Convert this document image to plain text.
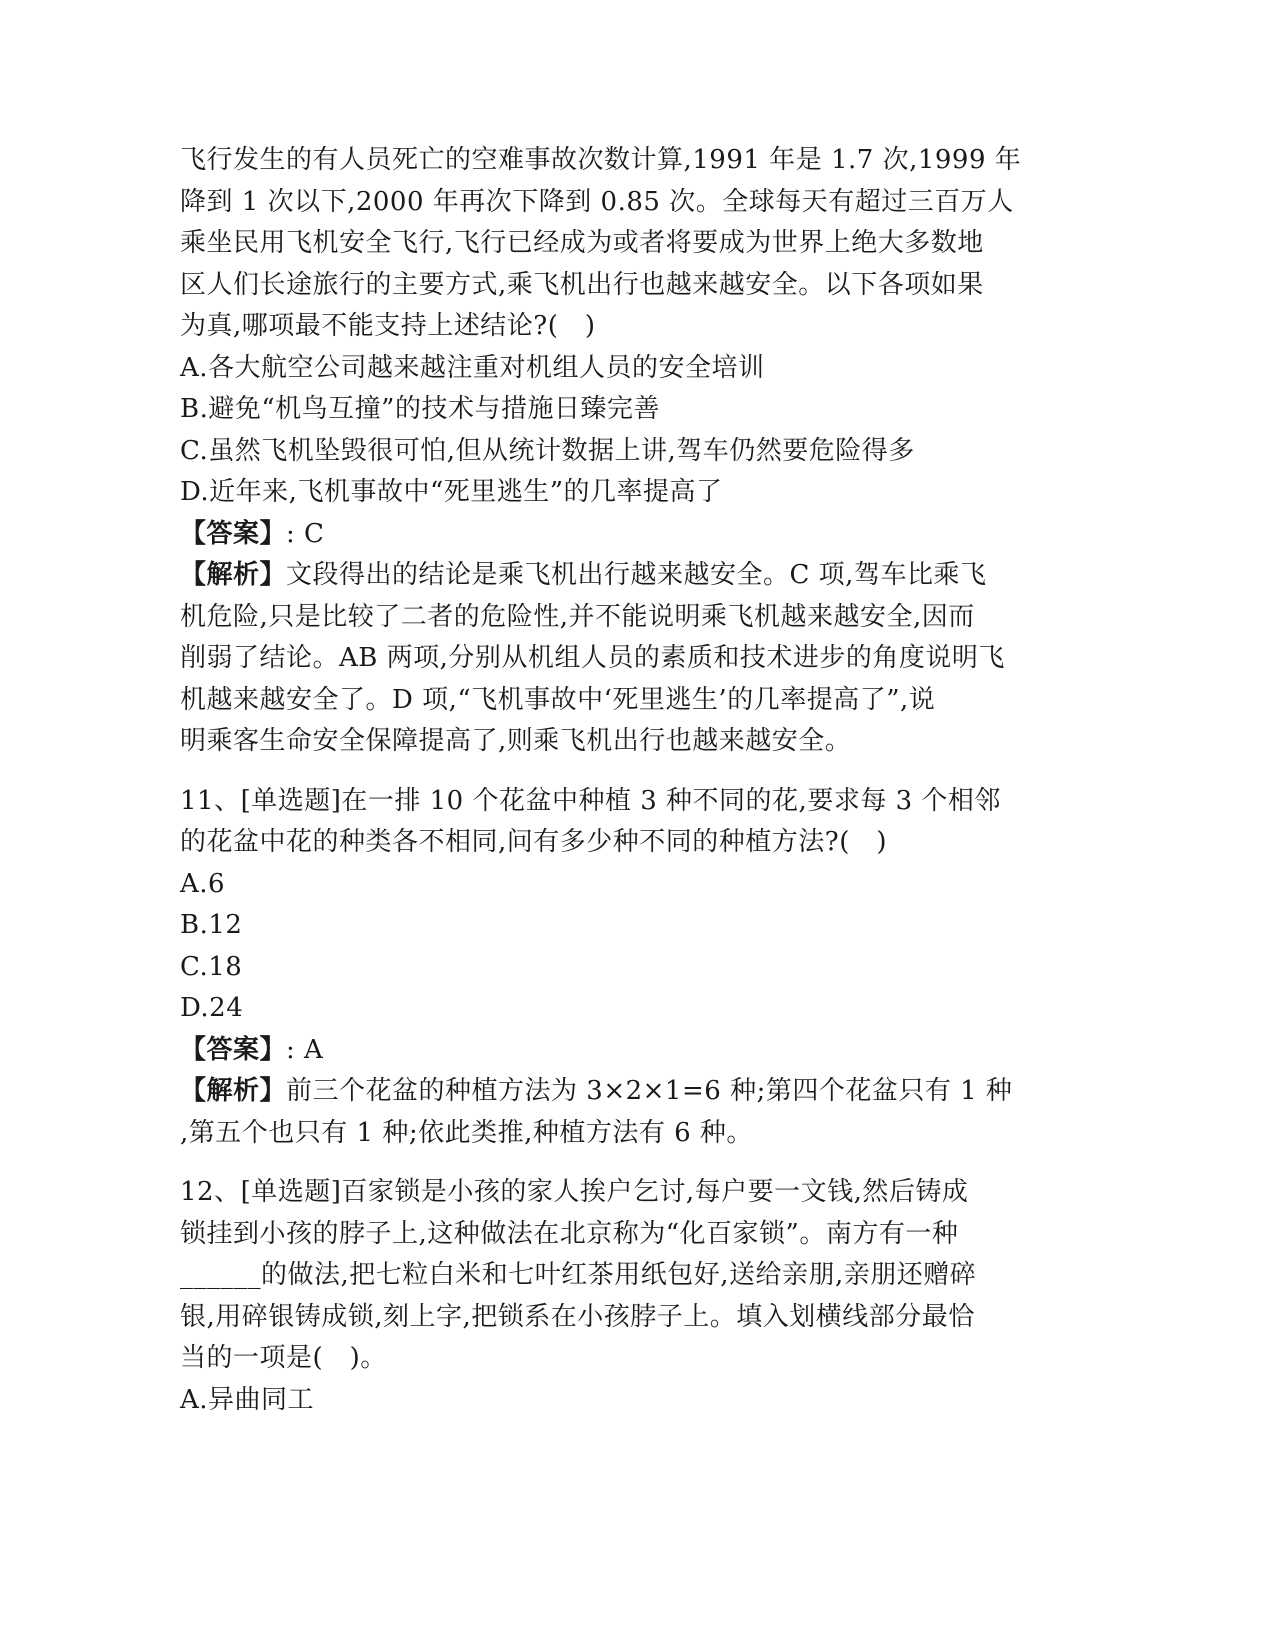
飞行发生的有人员死亡的空难事故次数计算,1991 年是 1.7 次,1999 年
降到 1 次以下,2000 年再次下降到 0.85 次。全球每天有超过三百万人
乘坐民用飞机安全飞行,飞行已经成为或者将要成为世界上绝大多数地
区人们长途旅行的主要方式,乘飞机出行也越来越安全。以下各项如果
为真,哪项最不能支持上述结论?(　)
A.各大航空公司越来越注重对机组人员的安全培训
B.避免“机鸟互撞”的技术与措施日臻完善
C.虽然飞机坠毁很可怕,但从统计数据上讲,驾车仍然要危险得多
D.近年来,飞机事故中“死里逃生”的几率提高了
【答案】: C
【解析】文段得出的结论是乘飞机出行越来越安全。C 项,驾车比乘飞
机危险,只是比较了二者的危险性,并不能说明乘飞机越来越安全,因而
削弱了结论。AB 两项,分别从机组人员的素质和技术进步的角度说明飞
机越来越安全了。D 项,“飞机事故中‘死里逃生’的几率提高了”,说
明乘客生命安全保障提高了,则乘飞机出行也越来越安全。
11、[单选题]在一排 10 个花盆中种植 3 种不同的花,要求每 3 个相邻
的花盆中花的种类各不相同,问有多少种不同的种植方法?(　)
A.6
B.12
C.18
D.24
【答案】: A
【解析】前三个花盆的种植方法为 3×2×1=6 种;第四个花盆只有 1 种
,第五个也只有 1 种;依此类推,种植方法有 6 种。
12、[单选题]百家锁是小孩的家人挨户乞讨,每户要一文钱,然后铸成
锁挂到小孩的脖子上,这种做法在北京称为“化百家锁”。南方有一种
______的做法,把七粒白米和七叶红茶用纸包好,送给亲朋,亲朋还赠碎
银,用碎银铸成锁,刻上字,把锁系在小孩脖子上。填入划横线部分最恰
当的一项是(　)。
A.异曲同工
